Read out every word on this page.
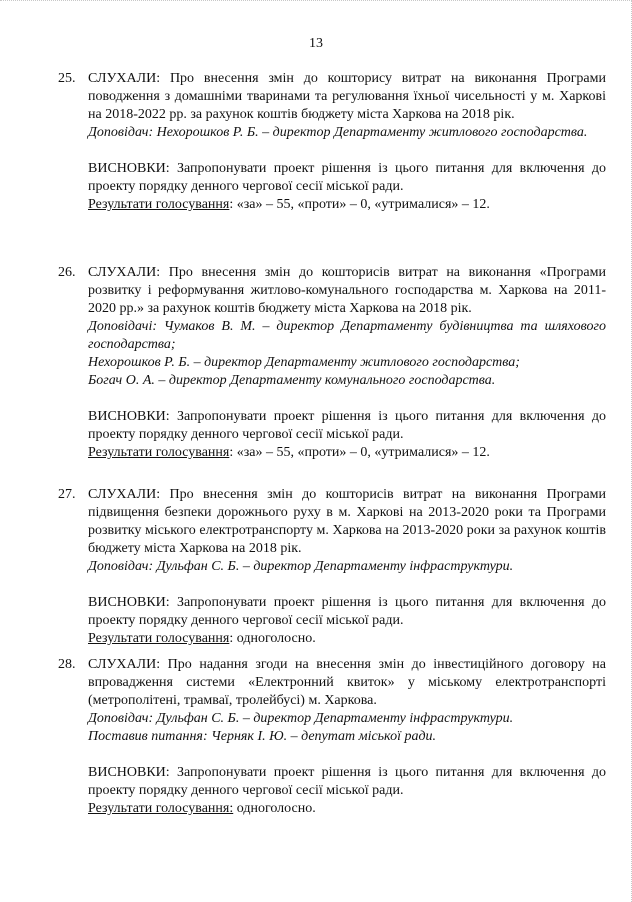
13
25. СЛУХАЛИ: Про внесення змін до кошторису витрат на виконання Програми поводження з домашніми тваринами та регулювання їхньої чисельності у м. Харкові на 2018-2022 рр. за рахунок коштів бюджету міста Харкова на 2018 рік.

Доповідач: Нехорошков Р. Б. – директор Департаменту житлового господарства.

ВИСНОВКИ: Запропонувати проект рішення із цього питання для включення до проекту порядку денного чергової сесії міської ради.

Результати голосування: «за» – 55, «проти» – 0, «утрималися» – 12.

26. СЛУХАЛИ: Про внесення змін до кошторисів витрат на виконання «Програми розвитку і реформування житлово-комунального господарства м. Харкова на 2011-2020 рр.» за рахунок коштів бюджету міста Харкова на 2018 рік.

Доповідачі: Чумаков В. М. – директор Департаменту будівництва та шляхового господарства;

Нехорошков Р. Б. – директор Департаменту житлового господарства;

Богач О. А. – директор Департаменту комунального господарства.

ВИСНОВКИ: Запропонувати проект рішення із цього питання для включення до проекту порядку денного чергової сесії міської ради.

Результати голосування: «за» – 55, «проти» – 0, «утрималися» – 12.

27. СЛУХАЛИ: Про внесення змін до кошторисів витрат на виконання Програми підвищення безпеки дорожнього руху в м. Харкові на 2013-2020 роки та Програми розвитку міського електротранспорту м. Харкова на 2013-2020 роки за рахунок коштів бюджету міста Харкова на 2018 рік.

Доповідач: Дульфан С. Б. – директор Департаменту інфраструктури.

ВИСНОВКИ: Запропонувати проект рішення із цього питання для включення до проекту порядку денного чергової сесії міської ради.

Результати голосування: одноголосно.

28. СЛУХАЛИ: Про надання згоди на внесення змін до інвестиційного договору на впровадження системи «Електронний квиток» у міському електротранспорті (метрополітені, трамваї, тролейбусі) м. Харкова.

Доповідач: Дульфан С. Б. – директор Департаменту інфраструктури.

Поставив питання: Черняк І. Ю. – депутат міської ради.

ВИСНОВКИ: Запропонувати проект рішення із цього питання для включення до проекту порядку денного чергової сесії міської ради.

Результати голосування: одноголосно.
